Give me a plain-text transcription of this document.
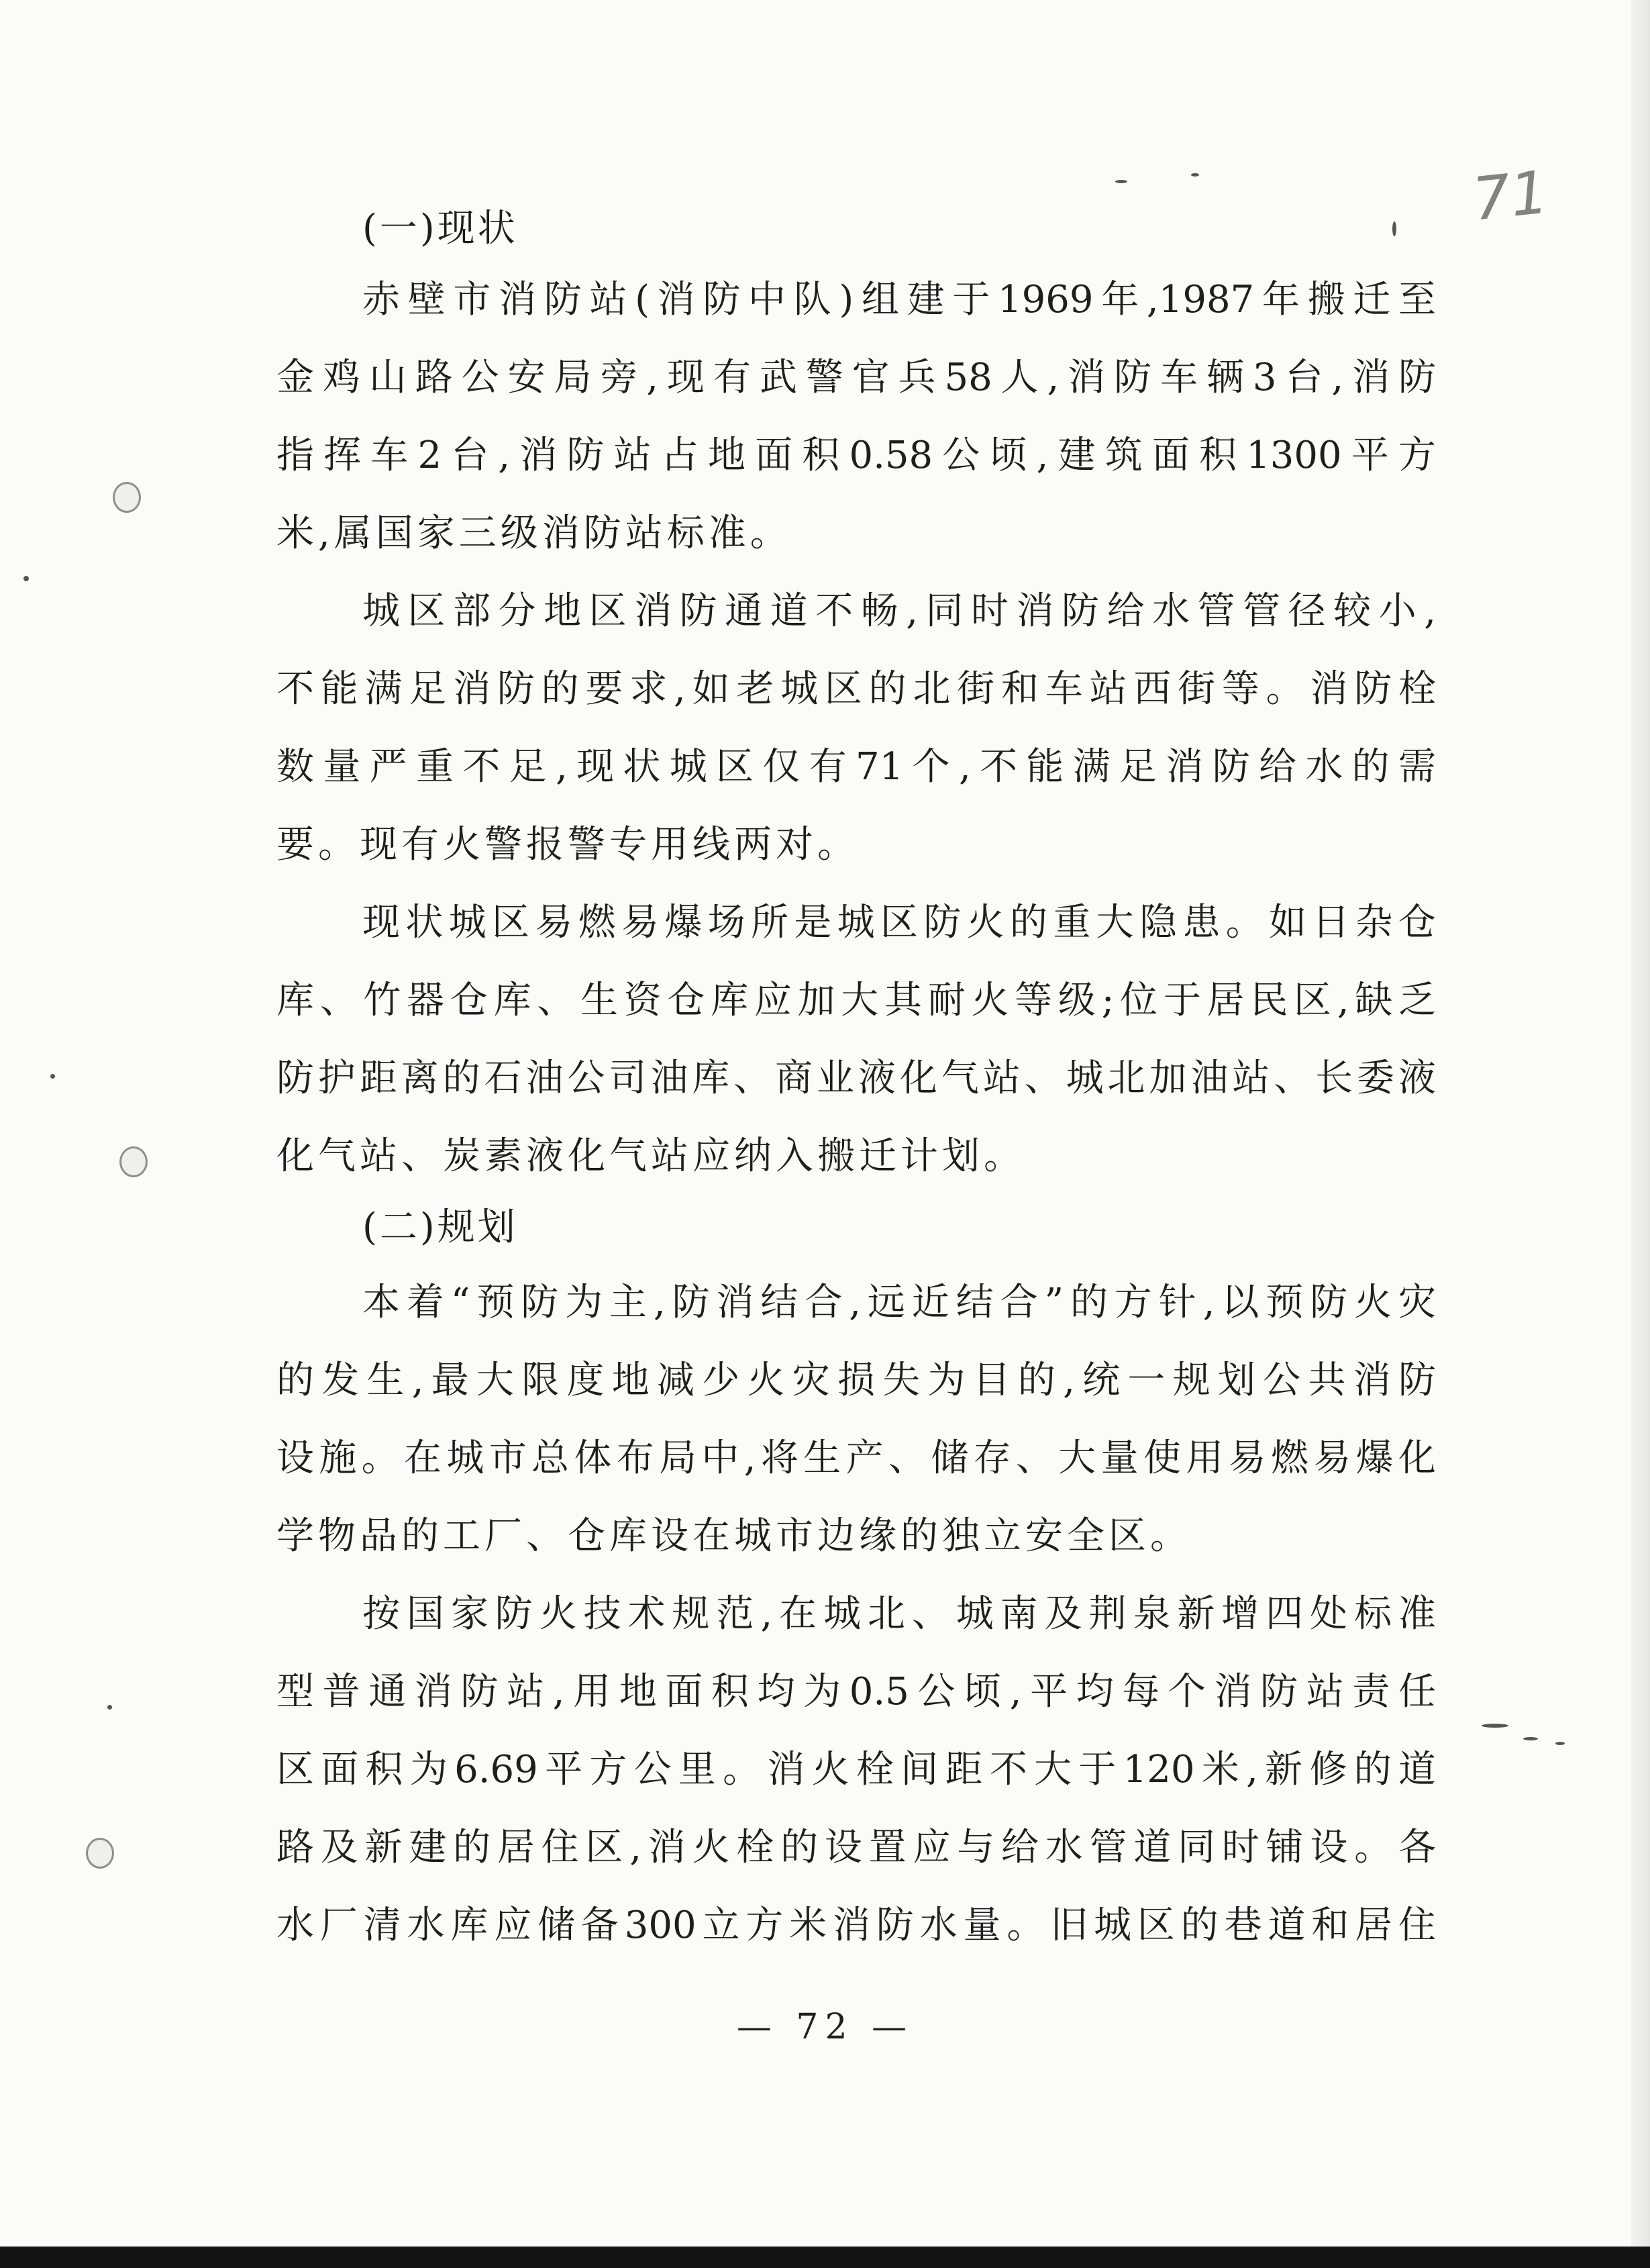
71
(一)现状
赤壁市消防站(消防中队)组建于1969年,1987年搬迁至
金鸡山路公安局旁,现有武警官兵58人,消防车辆3台,消防
指挥车2台,消防站占地面积0.58公顷,建筑面积1300平方
米,属国家三级消防站标准。
城区部分地区消防通道不畅,同时消防给水管管径较小,
不能满足消防的要求,如老城区的北街和车站西街等。消防栓
数量严重不足,现状城区仅有71个,不能满足消防给水的需
要。现有火警报警专用线两对。
现状城区易燃易爆场所是城区防火的重大隐患。如日杂仓
库、竹器仓库、生资仓库应加大其耐火等级;位于居民区,缺乏
防护距离的石油公司油库、商业液化气站、城北加油站、长委液
化气站、炭素液化气站应纳入搬迁计划。
(二)规划
本着“预防为主,防消结合,远近结合”的方针,以预防火灾
的发生,最大限度地减少火灾损失为目的,统一规划公共消防
设施。在城市总体布局中,将生产、储存、大量使用易燃易爆化
学物品的工厂、仓库设在城市边缘的独立安全区。
按国家防火技术规范,在城北、城南及荆泉新增四处标准
型普通消防站,用地面积均为0.5公顷,平均每个消防站责任
区面积为6.69平方公里。消火栓间距不大于120米,新修的道
路及新建的居住区,消火栓的设置应与给水管道同时铺设。各
水厂清水库应储备300立方米消防水量。旧城区的巷道和居住
— 72 —
